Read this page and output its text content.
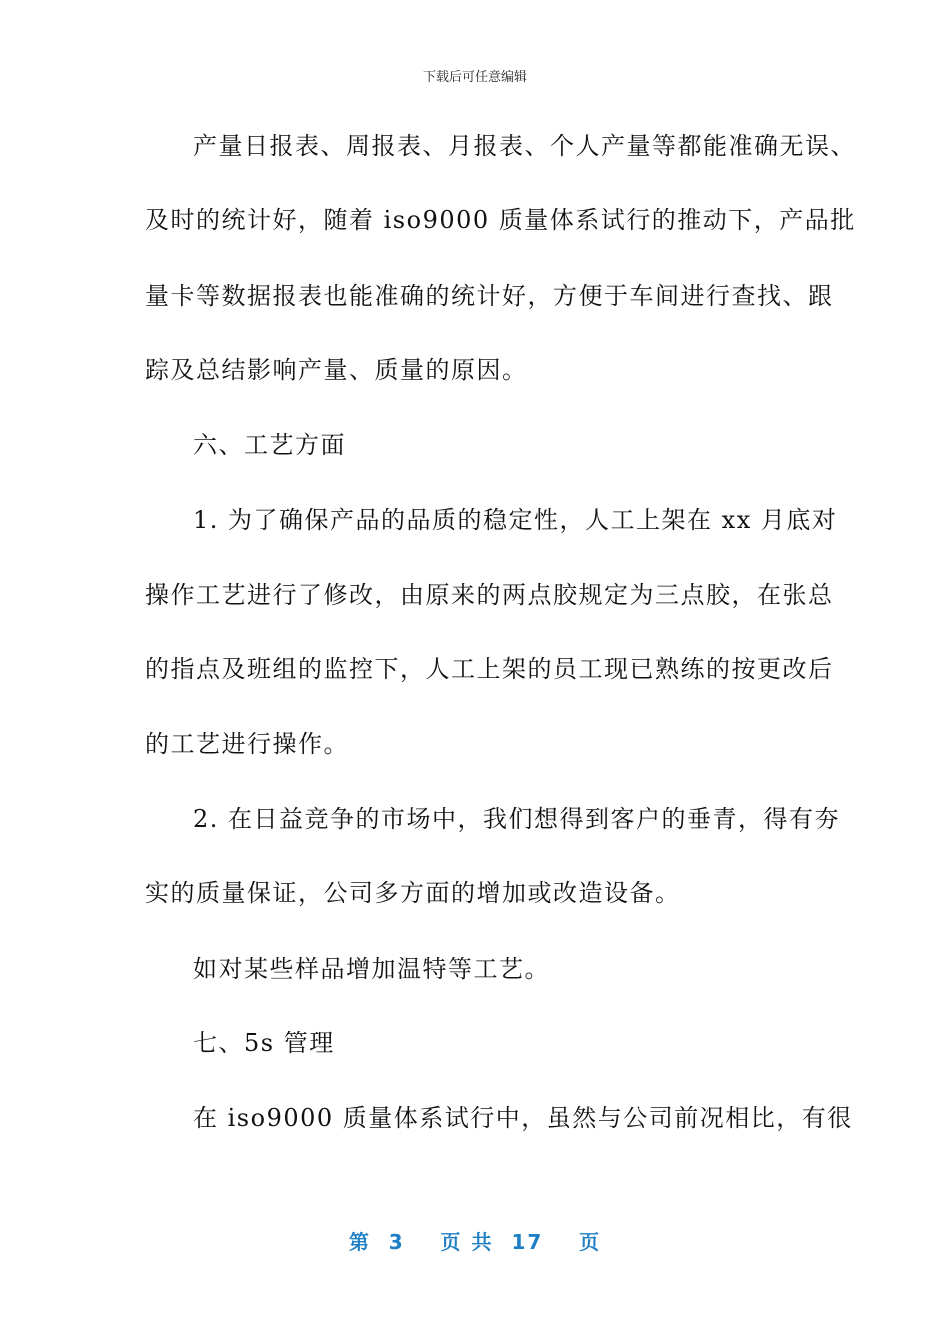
下载后可任意编辑
产量日报表、周报表、月报表、个人产量等都能准确无误、
及时的统计好，随着 iso9000 质量体系试行的推动下，产品批
量卡等数据报表也能准确的统计好，方便于车间进行查找、跟
踪及总结影响产量、质量的原因。
六、工艺方面
1. 为了确保产品的品质的稳定性，人工上架在 xx 月底对
操作工艺进行了修改，由原来的两点胶规定为三点胶，在张总
的指点及班组的监控下，人工上架的员工现已熟练的按更改后
的工艺进行操作。
2. 在日益竞争的市场中，我们想得到客户的垂青，得有夯
实的质量保证，公司多方面的增加或改造设备。
如对某些样品增加温特等工艺。
七、5s 管理
在 iso9000 质量体系试行中，虽然与公司前况相比，有很
第 3 页 共 17 页
